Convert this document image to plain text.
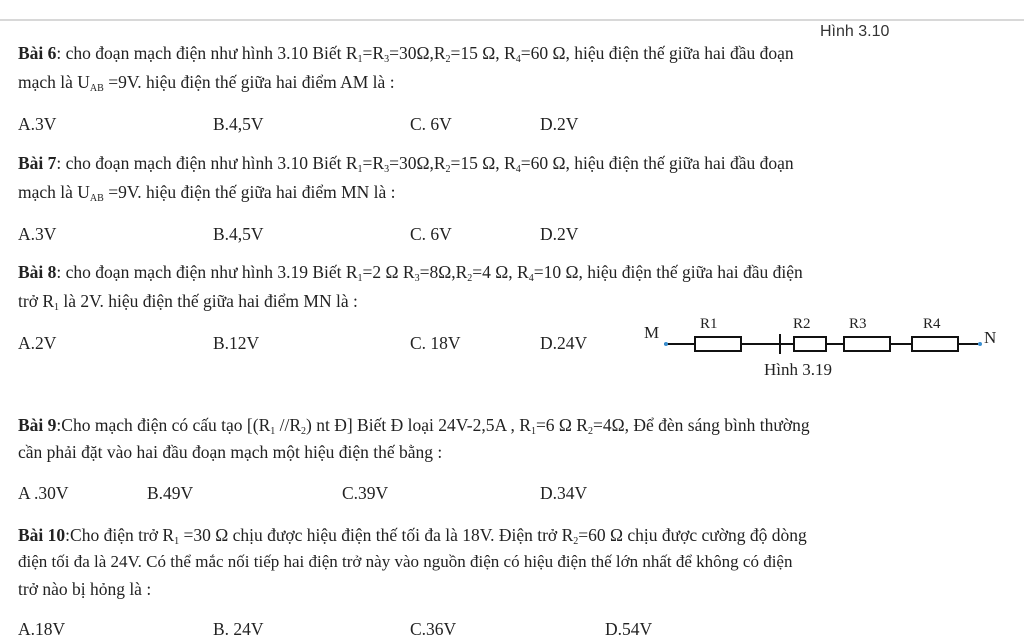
Hình 3.10
Bài 6: cho đoạn mạch điện như hình 3.10 Biết $R_1=R_3=30\Omega,R_2=15$ Ω, $R_4=60$ Ω, hiệu điện thế giữa hai đầu đoạn
mạch là $U_{AB} =9V$. hiệu điện thế giữa hai điểm AM là :
A.3V	B.4,5V	C. 6V	D.2V
Bài 7: cho đoạn mạch điện như hình 3.10 Biết $R_1=R_3=30\Omega,R_2=15$ Ω, $R_4=60$ Ω, hiệu điện thế giữa hai đầu đoạn
mạch là $U_{AB} =9V$. hiệu điện thế giữa hai điểm MN là :
A.3V	B.4,5V	C. 6V	D.2V
Bài 8: cho đoạn mạch điện như hình 3.19 Biết $R_1=2$ Ω $R_3=8\Omega,R_2=4$ Ω, $R_4=10$ Ω, hiệu điện thế giữa hai đầu điện
trở $R_1$ là 2V. hiệu điện thế giữa hai điểm MN là :
A.2V	B.12V	C. 18V	D.24V
M	N
R1	R2	R3	R4
Hình 3.19
Bài 9:Cho mạch điện có cấu tạo [($R_1$ $//R_2$) nt Đ] Biết Đ loại 24V-2,5A , $R_1=6$ Ω $R_2=4\Omega$, Để đèn sáng bình thường
cần phải đặt vào hai đầu đoạn mạch một hiệu điện thế bằng :
A .30V	B.49V	C.39V	D.34V
Bài 10:Cho điện trở $R_1 =30$ Ω chịu được hiệu điện thế tối đa là 18V. Điện trở $R_2=60$ Ω chịu được cường độ dòng
điện tối đa là 24V. Có thể mắc nối tiếp hai điện trở này vào nguồn điện có hiệu điện thế lớn nhất để không có điện
trở nào bị hỏng là :
A.18V	B. 24V	C.36V	D.54V
